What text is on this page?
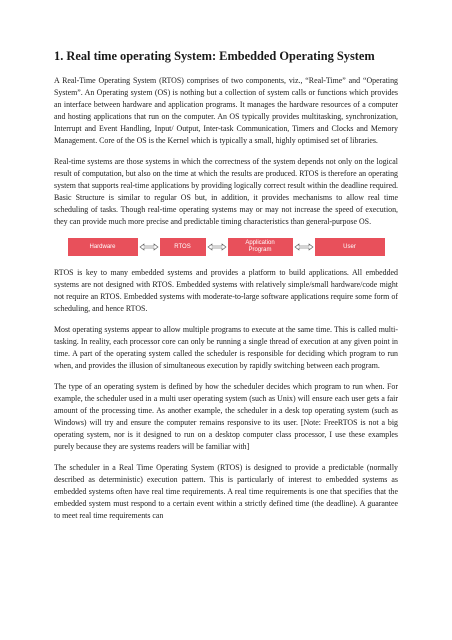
1. Real time operating System: Embedded Operating System

A Real-Time Operating System (RTOS) comprises of two components, viz., “Real-Time” and “Operating System”. An Operating system (OS) is nothing but a collection of system calls or functions which provides an interface between hardware and application programs. It manages the hardware resources of a computer and hosting applications that run on the computer. An OS typically provides multitasking, synchronization, Interrupt and Event Handling, Input/ Output, Inter-task Communication, Timers and Clocks and Memory Management. Core of the OS is the Kernel which is typically a small, highly optimised set of libraries.

Real-time systems are those systems in which the correctness of the system depends not only on the logical result of computation, but also on the time at which the results are produced. RTOS is therefore an operating system that supports real-time applications by providing logically correct result within the deadline required. Basic Structure is similar to regular OS but, in addition, it provides mechanisms to allow real time scheduling of tasks. Though real-time operating systems may or may not increase the speed of execution, they can provide much more precise and predictable timing characteristics than general-purpose OS.

Hardware	RTOS
Application
Program
User

RTOS is key to many embedded systems and provides a platform to build applications. All embedded systems are not designed with RTOS. Embedded systems with relatively simple/small hardware/code might not require an RTOS. Embedded systems with moderate-to-large software applications require some form of scheduling, and hence RTOS.

Most operating systems appear to allow multiple programs to execute at the same time. This is called multi-tasking. In reality, each processor core can only be running a single thread of execution at any given point in time. A part of the operating system called the scheduler is responsible for deciding which program to run when, and provides the illusion of simultaneous execution by rapidly switching between each program.

The type of an operating system is defined by how the scheduler decides which program to run when. For example, the scheduler used in a multi user operating system (such as Unix) will ensure each user gets a fair amount of the processing time. As another example, the scheduler in a desk top operating system (such as Windows) will try and ensure the computer remains responsive to its user. [Note: FreeRTOS is not a big operating system, nor is it designed to run on a desktop computer class processor, I use these examples purely because they are systems readers will be familiar with]

The scheduler in a Real Time Operating System (RTOS) is designed to provide a predictable (normally described as deterministic) execution pattern. This is particularly of interest to embedded systems as embedded systems often have real time requirements. A real time requirements is one that specifies that the embedded system must respond to a certain event within a strictly defined time (the deadline). A guarantee to meet real time requirements can
